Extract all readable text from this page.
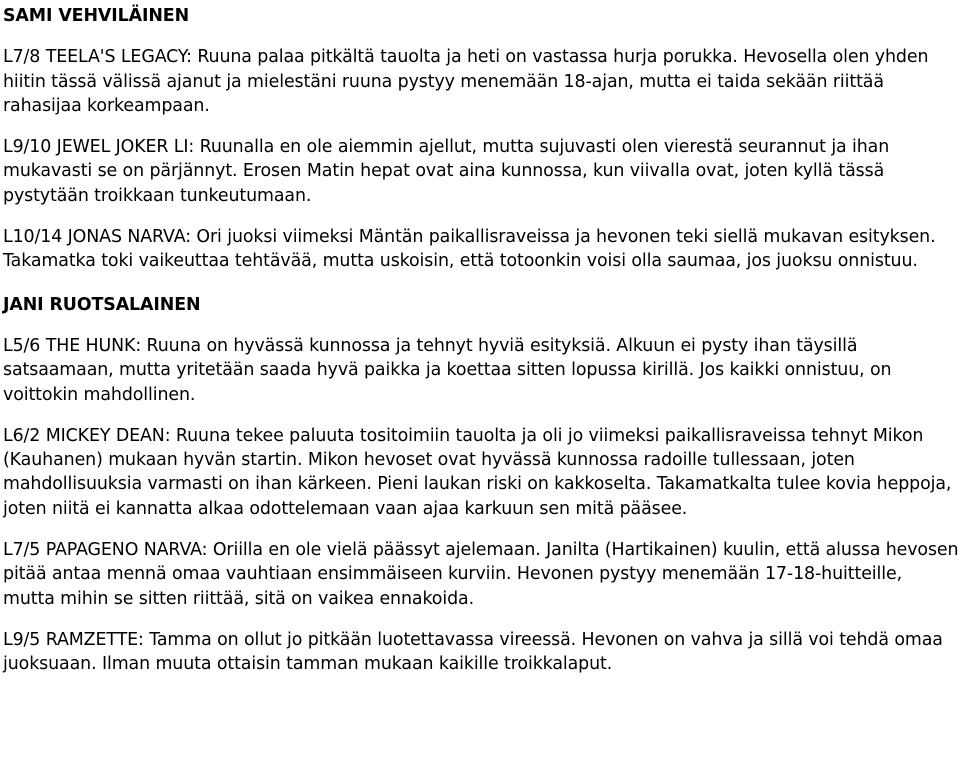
SAMI VEHVILÄINEN

L7/8 TEELA'S LEGACY: Ruuna palaa pitkältä tauolta ja heti on vastassa hurja porukka. Hevosella olen yhden hiitin tässä välissä ajanut ja mielestäni ruuna pystyy menemään 18-ajan, mutta ei taida sekään riittää rahasijaa korkeampaan.

L9/10 JEWEL JOKER LI: Ruunalla en ole aiemmin ajellut, mutta sujuvasti olen vierestä seurannut ja ihan mukavasti se on pärjännyt. Erosen Matin hepat ovat aina kunnossa, kun viivalla ovat, joten kyllä tässä pystytään troikkaan tunkeutumaan.

L10/14 JONAS NARVA: Ori juoksi viimeksi Mäntän paikallisraveissa ja hevonen teki siellä mukavan esityksen. Takamatka toki vaikeuttaa tehtävää, mutta uskoisin, että totoonkin voisi olla saumaa, jos juoksu onnistuu.

JANI RUOTSALAINEN

L5/6 THE HUNK: Ruuna on hyvässä kunnossa ja tehnyt hyviä esityksiä. Alkuun ei pysty ihan täysillä satsaamaan, mutta yritetään saada hyvä paikka ja koettaa sitten lopussa kirillä. Jos kaikki onnistuu, on voittokin mahdollinen.

L6/2 MICKEY DEAN: Ruuna tekee paluuta tositoimiin tauolta ja oli jo viimeksi paikallisraveissa tehnyt Mikon (Kauhanen) mukaan hyvän startin. Mikon hevoset ovat hyvässä kunnossa radoille tullessaan, joten mahdollisuuksia varmasti on ihan kärkeen. Pieni laukan riski on kakkoselta. Takamatkalta tulee kovia heppoja, joten niitä ei kannatta alkaa odottelemaan vaan ajaa karkuun sen mitä pääsee.

L7/5 PAPAGENO NARVA: Oriilla en ole vielä päässyt ajelemaan. Janilta (Hartikainen) kuulin, että alussa hevosen pitää antaa mennä omaa vauhtiaan ensimmäiseen kurviin. Hevonen pystyy menemään 17-18-huitteille, mutta mihin se sitten riittää, sitä on vaikea ennakoida.

L9/5 RAMZETTE: Tamma on ollut jo pitkään luotettavassa vireessä. Hevonen on vahva ja sillä voi tehdä omaa juoksuaan. Ilman muuta ottaisin tamman mukaan kaikille troikkalaput.
